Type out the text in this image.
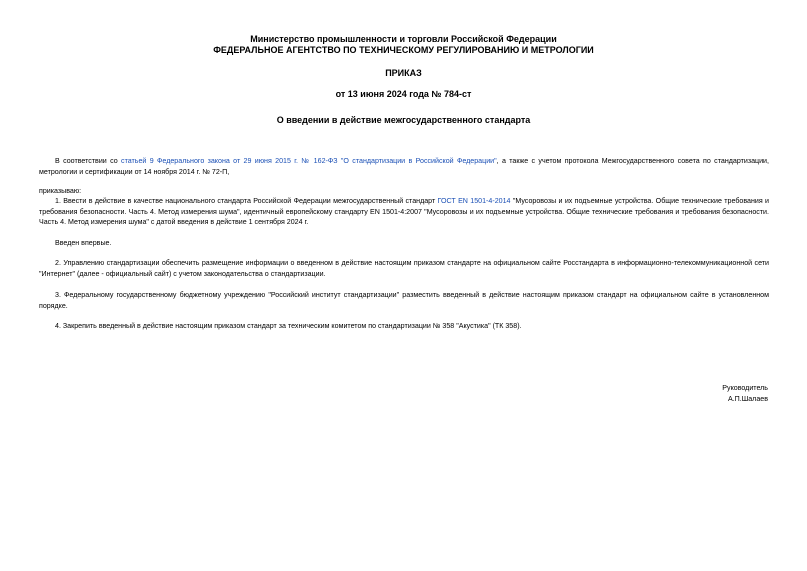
Министерство промышленности и торговли Российской Федерации
ФЕДЕРАЛЬНОЕ АГЕНТСТВО ПО ТЕХНИЧЕСКОМУ РЕГУЛИРОВАНИЮ И МЕТРОЛОГИИ
ПРИКАЗ
от 13 июня 2024 года № 784-ст
О введении в действие межгосударственного стандарта
В соответствии со статьей 9 Федерального закона от 29 июня 2015 г. № 162-ФЗ "О стандартизации в Российской Федерации", а также с учетом протокола Межгосударственного совета по стандартизации, метрологии и сертификации от 14 ноября 2014 г. № 72-П,
приказываю:
1. Ввести в действие в качестве национального стандарта Российской Федерации межгосударственный стандарт ГОСТ EN 1501-4-2014 "Мусоровозы и их подъемные устройства. Общие технические требования и требования безопасности. Часть 4. Метод измерения шума", идентичный европейскому стандарту EN 1501-4:2007 "Мусоровозы и их подъемные устройства. Общие технические требования и требования безопасности. Часть 4. Метод измерения шума" с датой введения в действие 1 сентября 2024 г.
Введен впервые.
2. Управлению стандартизации обеспечить размещение информации о введенном в действие настоящим приказом стандарте на официальном сайте Росстандарта в информационно-телекоммуникационной сети "Интернет" (далее - официальный сайт) с учетом законодательства о стандартизации.
3. Федеральному государственному бюджетному учреждению "Российский институт стандартизации" разместить введенный в действие настоящим приказом стандарт на официальном сайте в установленном порядке.
4. Закрепить введенный в действие настоящим приказом стандарт за техническим комитетом по стандартизации № 358 "Акустика" (ТК 358).
Руководитель
А.П.Шалаев
